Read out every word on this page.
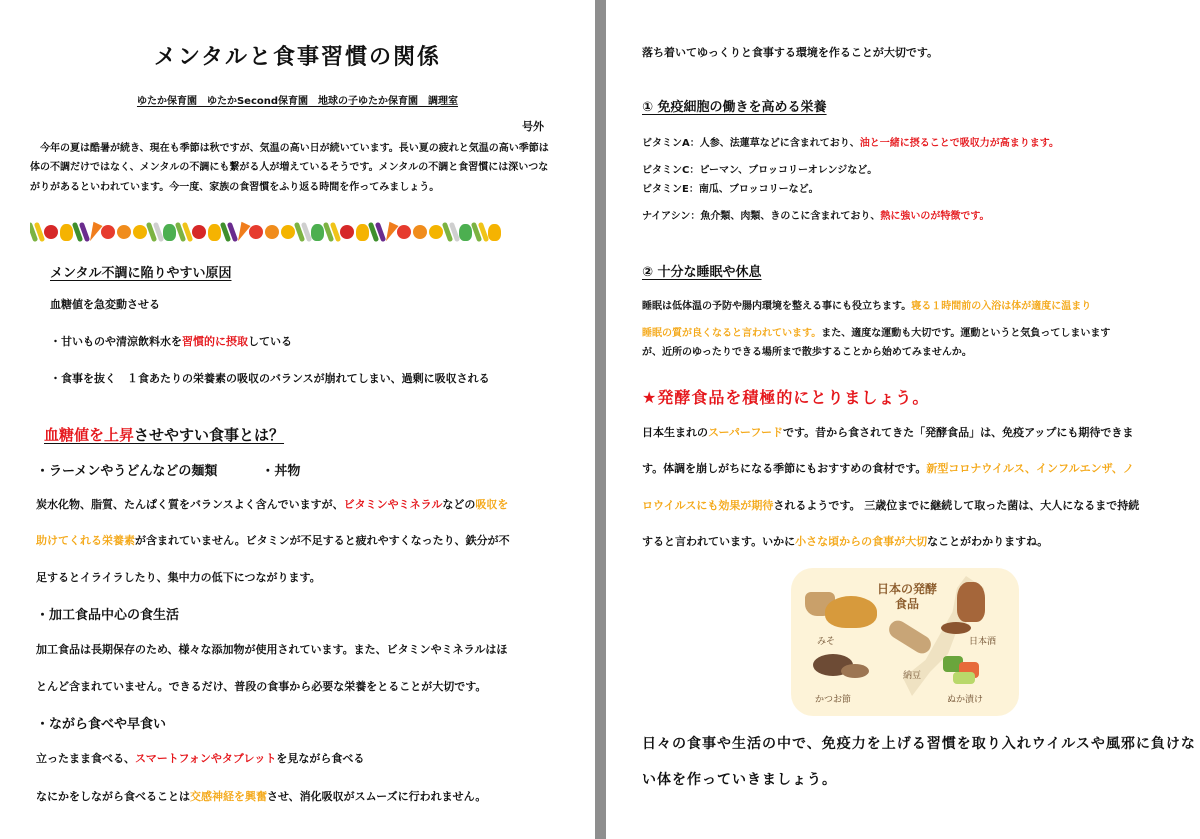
メンタルと食事習慣の関係
ゆたか保育園　ゆたかSecond保育園　地球の子ゆたか保育園　調理室
号外
今年の夏は酷暑が続き、現在も季節は秋ですが、気温の高い日が続いています。長い夏の疲れと気温の高い季節は体の不調だけではなく、メンタルの不調にも繋がる人が増えているそうです。メンタルの不調と食習慣には深いつながりがあるといわれています。今一度、家族の食習慣をふり返る時間を作ってみましょう。
メンタル不調に陥りやすい原因
血糖値を急変動させる
・甘いものや清涼飲料水を習慣的に摂取している
・食事を抜く　１食あたりの栄養素の吸収のバランスが崩れてしまい、過剰に吸収される
血糖値を上昇させやすい食事とは？
・ラーメンやうどんなどの麺類	・丼物
炭水化物、脂質、たんぱく質をバランスよく含んでいますが、ビタミンやミネラルなどの吸収を
助けてくれる栄養素が含まれていません。ビタミンが不足すると疲れやすくなったり、鉄分が不
足するとイライラしたり、集中力の低下につながります。
・加工食品中心の食生活
加工食品は長期保存のため、様々な添加物が使用されています。また、ビタミンやミネラルはほ
とんど含まれていません。できるだけ、普段の食事から必要な栄養をとることが大切です。
・ながら食べや早食い
立ったまま食べる、スマートフォンやタブレットを見ながら食べる
なにかをしながら食べることは交感神経を興奮させ、消化吸収がスムーズに行われません。
落ち着いてゆっくりと食事する環境を作ることが大切です。
① 免疫細胞の働きを高める栄養
ビタミンA：人参、法蓮草などに含まれており、油と一緒に摂ることで吸収力が高まります。
ビタミンC：ピーマン、ブロッコリーオレンジなど。
ビタミンE：南瓜、ブロッコリーなど。
ナイアシン：魚介類、肉類、きのこに含まれており、熱に強いのが特徴です。
② 十分な睡眠や休息
睡眠は低体温の予防や腸内環境を整える事にも役立ちます。寝る１時間前の入浴は体が適度に温まり
睡眠の質が良くなると言われています。また、適度な運動も大切です。運動というと気負ってしまいます
が、近所のゆったりできる場所まで散歩することから始めてみませんか。
★発酵食品を積極的にとりましょう。
日本生まれのスーパーフードです。昔から食されてきた「発酵食品」は、免疫アップにも期待できま
す。体調を崩しがちになる季節にもおすすめの食材です。新型コロナウイルス、インフルエンザ、ノ
ロウイルスにも効果が期待されるようです。 三歳位までに継続して取った菌は、大人になるまで持続
すると言われています。いかに小さな頃からの食事が大切なことがわかりますね。
日本の発酵食品
みそ	日本酒
納豆
かつお節	ぬか漬け
日々の食事や生活の中で、免疫力を上げる習慣を取り入れウイルスや風邪に負けな
い体を作っていきましょう。
